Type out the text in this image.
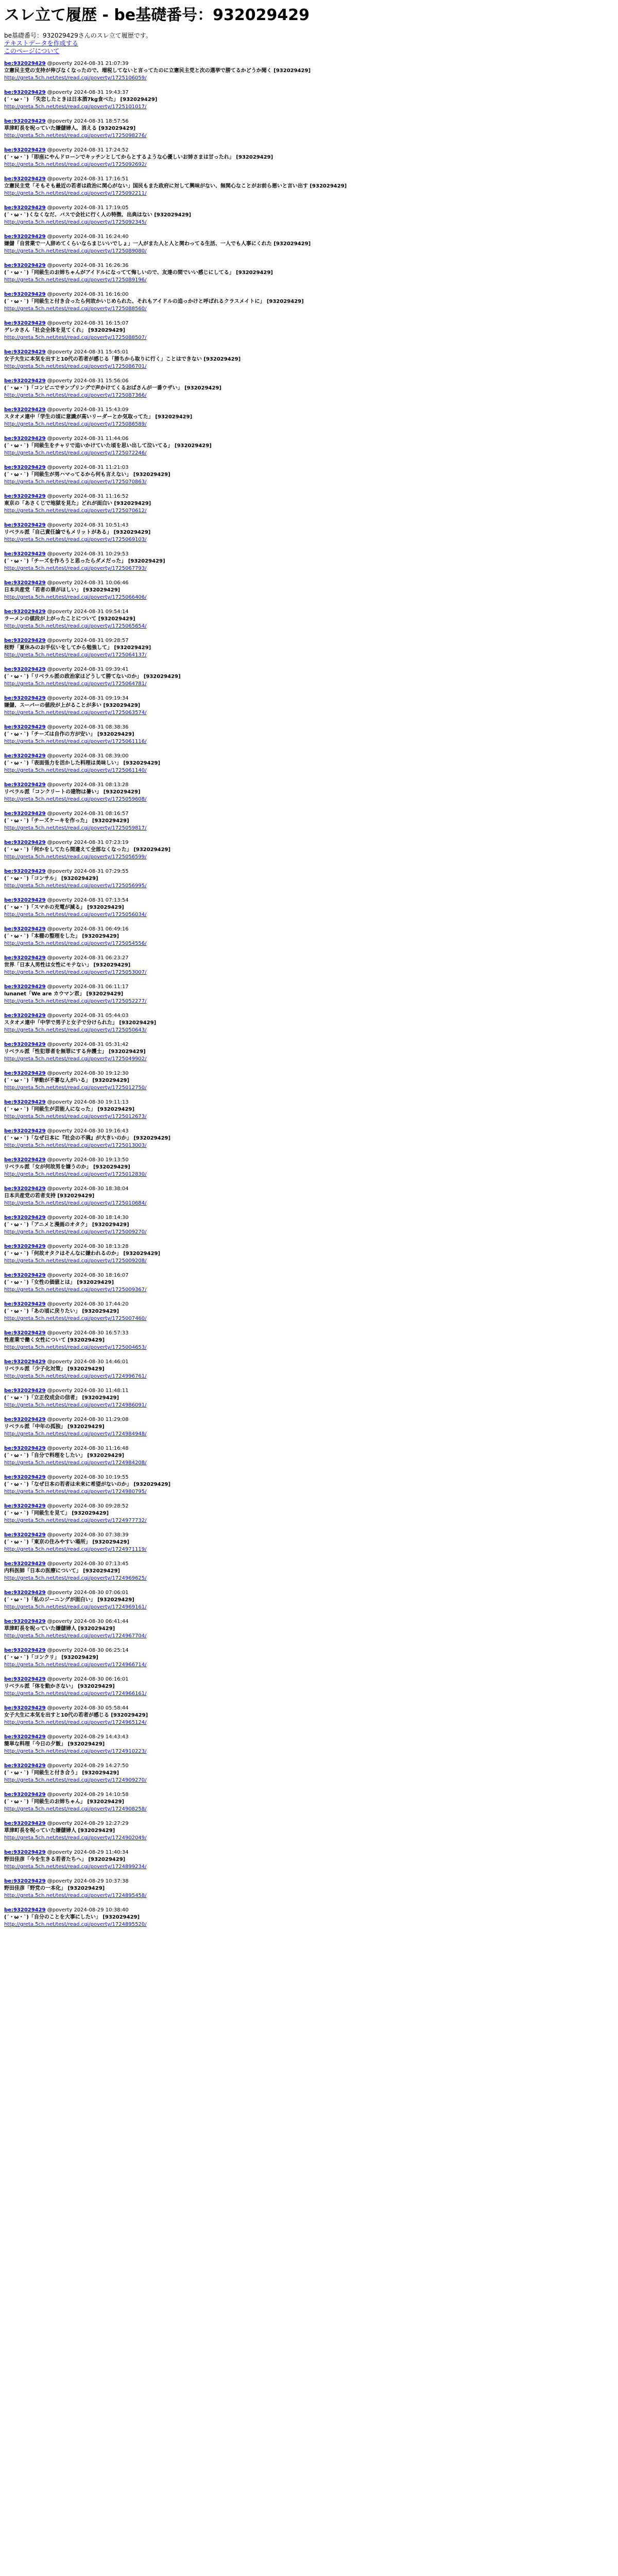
スレ立て履歴 - be基礎番号：932029429
be基礎番号：932029429さんのスレ立て履歴です。
テキストデータを作成する
このページについて
be:932029429 @poverty 2024-08-31 21:07:39
立憲民主党の支持が伸びなくなったので、増税してないと言ってたのに立憲民主党と次の選挙で勝てるかどうか聞く [932029429]
http://greta.5ch.net/test/read.cgi/poverty/1725106059/
be:932029429 @poverty 2024-08-31 19:43:37
(´・ω・`) 「失恋したときは日本酒7kg食べた」 [932029429]
http://greta.5ch.net/test/read.cgi/poverty/1725101017/
be:932029429 @poverty 2024-08-31 18:57:56
草津町長を呪っていた嫌儲婦人、消える [932029429]
http://greta.5ch.net/test/read.cgi/poverty/1725098276/
be:932029429 @poverty 2024-08-31 17:24:52
(´・ω・`)「即座にやんドローンでキッチンとしてからとするような心優しいお姉さまは甘ったれ」 [932029429]
http://greta.5ch.net/test/read.cgi/poverty/1725092692/
be:932029429 @poverty 2024-08-31 17:16:51
立憲民主党「そもそも最近の若者は政治に関心がない」国民もまた政府に対して興味がない、無関心なことがお前ら悪いと言い出す [932029429]
http://greta.5ch.net/test/read.cgi/poverty/1725092211/
be:932029429 @poverty 2024-08-31 17:19:05
(´・ω・`)くなくなだ、バスで会社に行く人の特徴、出典はない [932029429]
http://greta.5ch.net/test/read.cgi/poverty/1725092345/
be:932029429 @poverty 2024-08-31 16:24:40
嫌儲「自営業で一人辞めてくらいならまじいいでしょ」一人がまた人と人と関わってる生活、一人でも人事にくれた [932029429]
http://greta.5ch.net/test/read.cgi/poverty/1725089080/
be:932029429 @poverty 2024-08-31 16:26:36
(´・ω・`)「同級生のお姉ちゃんがアイドルになってて悔しいので、友達の間でいい感じにしてる」 [932029429]
http://greta.5ch.net/test/read.cgi/poverty/1725089196/
be:932029429 @poverty 2024-08-31 16:16:00
(´・ω・`)「同級生と付き合ったら何故かいじめられた、それもアイドルの追っかけと呼ばれるクラスメイトに」 [932029429]
http://greta.5ch.net/test/read.cgi/poverty/1725088560/
be:932029429 @poverty 2024-08-31 16:15:07
ゲレカさん「社会全体を見てくれ」 [932029429]
http://greta.5ch.net/test/read.cgi/poverty/1725088507/
be:932029429 @poverty 2024-08-31 15:45:01
女子大生に本気を出すと10代の若者が感じる「勝ちから取りに行く」ことはできない [932029429]
http://greta.5ch.net/test/read.cgi/poverty/1725086701/
be:932029429 @poverty 2024-08-31 15:56:06
(´・ω・`)「コンビニでサンプリングで声かけてくるおばさんが一番ウザい」 [932029429]
http://greta.5ch.net/test/read.cgi/poverty/1725087366/
be:932029429 @poverty 2024-08-31 15:43:09
スタオメ連中「学生の頃に意識が高いリーダーとか気取ってた」 [932029429]
http://greta.5ch.net/test/read.cgi/poverty/1725086589/
be:932029429 @poverty 2024-08-31 11:44:06
(´・ω・`)「同級生をチャリで追いかけていた頃を思い出して泣いてる」 [932029429]
http://greta.5ch.net/test/read.cgi/poverty/1725072246/
be:932029429 @poverty 2024-08-31 11:21:03
(´・ω・`)「同級生が男ハマってるから何も言えない」 [932029429]
http://greta.5ch.net/test/read.cgi/poverty/1725070863/
be:932029429 @poverty 2024-08-31 11:16:52
東京の「あさくじで地獄を見た」どれが面白い [932029429]
http://greta.5ch.net/test/read.cgi/poverty/1725070612/
be:932029429 @poverty 2024-08-31 10:51:43
リベラル派「自己責任論でもメリットがある」 [932029429]
http://greta.5ch.net/test/read.cgi/poverty/1725069103/
be:932029429 @poverty 2024-08-31 10:29:53
(´・ω・`)「チーズを作ろうと思ったらダメだった」 [932029429]
http://greta.5ch.net/test/read.cgi/poverty/1725067793/
be:932029429 @poverty 2024-08-31 10:06:46
日本共産党「若者の票がほしい」 [932029429]
http://greta.5ch.net/test/read.cgi/poverty/1725066406/
be:932029429 @poverty 2024-08-31 09:54:14
ラーメンの値段が上がったことについて [932029429]
http://greta.5ch.net/test/read.cgi/poverty/1725065654/
be:932029429 @poverty 2024-08-31 09:28:57
桜野「夏休みのお手伝いをしてから勉強して」 [932029429]
http://greta.5ch.net/test/read.cgi/poverty/1725064137/
be:932029429 @poverty 2024-08-31 09:39:41
(´・ω・`)「リベラル派の政治家はどうして勝てないのか」 [932029429]
http://greta.5ch.net/test/read.cgi/poverty/1725064781/
be:932029429 @poverty 2024-08-31 09:19:34
嫌儲、スーパーの値段が上がることが多い [932029429]
http://greta.5ch.net/test/read.cgi/poverty/1725063574/
be:932029429 @poverty 2024-08-31 08:38:36
(´・ω・`)「チーズは自作の方が安い」 [932029429]
http://greta.5ch.net/test/read.cgi/poverty/1725061116/
be:932029429 @poverty 2024-08-31 08:39:00
(´・ω・`)「表面張力を活かした料理は美味しい」 [932029429]
http://greta.5ch.net/test/read.cgi/poverty/1725061140/
be:932029429 @poverty 2024-08-31 08:13:28
リベラル派「コンクリートの建物は暑い」 [932029429]
http://greta.5ch.net/test/read.cgi/poverty/1725059608/
be:932029429 @poverty 2024-08-31 08:16:57
(´・ω・`)「チーズケーキを作った」 [932029429]
http://greta.5ch.net/test/read.cgi/poverty/1725059817/
be:932029429 @poverty 2024-08-31 07:23:19
(´・ω・`)「何かをしてたら間違えて全部なくなった」 [932029429]
http://greta.5ch.net/test/read.cgi/poverty/1725056599/
be:932029429 @poverty 2024-08-31 07:29:55
(´・ω・`)「コンサル」 [932029429]
http://greta.5ch.net/test/read.cgi/poverty/1725056995/
be:932029429 @poverty 2024-08-31 07:13:54
(´・ω・`)「スマホの充電が減る」 [932029429]
http://greta.5ch.net/test/read.cgi/poverty/1725056034/
be:932029429 @poverty 2024-08-31 06:49:16
(´・ω・`)「本棚の整理をした」 [932029429]
http://greta.5ch.net/test/read.cgi/poverty/1725054556/
be:932029429 @poverty 2024-08-31 06:23:27
世界「日本人男性は女性にモテない」 [932029429]
http://greta.5ch.net/test/read.cgi/poverty/1725053007/
be:932029429 @poverty 2024-08-31 06:11:17
lunanet「We are カウマン君」 [932029429]
http://greta.5ch.net/test/read.cgi/poverty/1725052277/
be:932029429 @poverty 2024-08-31 05:44:03
スタオメ連中「中学で男子と女子で分けられた」 [932029429]
http://greta.5ch.net/test/read.cgi/poverty/1725050643/
be:932029429 @poverty 2024-08-31 05:31:42
リベラル派「性犯罪者を無罪にする弁護士」 [932029429]
http://greta.5ch.net/test/read.cgi/poverty/1725049902/
be:932029429 @poverty 2024-08-30 19:12:30
(´・ω・`)「挙動が不審な人がいる」 [932029429]
http://greta.5ch.net/test/read.cgi/poverty/1725012750/
be:932029429 @poverty 2024-08-30 19:11:13
(´・ω・`)「同級生が芸能人になった」 [932029429]
http://greta.5ch.net/test/read.cgi/poverty/1725012673/
be:932029429 @poverty 2024-08-30 19:16:43
(´・ω・`)「なぜ日本に『社会の不満』が大きいのか」 [932029429]
http://greta.5ch.net/test/read.cgi/poverty/1725013003/
be:932029429 @poverty 2024-08-30 19:13:50
リベラル派「女が何故男を嫌うのか」 [932029429]
http://greta.5ch.net/test/read.cgi/poverty/1725012830/
be:932029429 @poverty 2024-08-30 18:38:04
日本共産党の若者支持 [932029429]
http://greta.5ch.net/test/read.cgi/poverty/1725010684/
be:932029429 @poverty 2024-08-30 18:14:30
(´・ω・`)「アニメと漫画のオタク」 [932029429]
http://greta.5ch.net/test/read.cgi/poverty/1725009270/
be:932029429 @poverty 2024-08-30 18:13:28
(´・ω・`)「何故オタクはそんなに嫌われるのか」 [932029429]
http://greta.5ch.net/test/read.cgi/poverty/1725009208/
be:932029429 @poverty 2024-08-30 18:16:07
(´・ω・`)「女性の価値とは」 [932029429]
http://greta.5ch.net/test/read.cgi/poverty/1725009367/
be:932029429 @poverty 2024-08-30 17:44:20
(´・ω・`)「あの頃に戻りたい」 [932029429]
http://greta.5ch.net/test/read.cgi/poverty/1725007460/
be:932029429 @poverty 2024-08-30 16:57:33
性産業で働く女性について [932029429]
http://greta.5ch.net/test/read.cgi/poverty/1725004653/
be:932029429 @poverty 2024-08-30 14:46:01
リベラル派「少子化対策」 [932029429]
http://greta.5ch.net/test/read.cgi/poverty/1724996761/
be:932029429 @poverty 2024-08-30 11:48:11
(´・ω・`)「立正佼成会の信者」 [932029429]
http://greta.5ch.net/test/read.cgi/poverty/1724986091/
be:932029429 @poverty 2024-08-30 11:29:08
リベラル派「中年の孤独」 [932029429]
http://greta.5ch.net/test/read.cgi/poverty/1724984948/
be:932029429 @poverty 2024-08-30 11:16:48
(´・ω・`)「自分で料理をしたい」 [932029429]
http://greta.5ch.net/test/read.cgi/poverty/1724984208/
be:932029429 @poverty 2024-08-30 10:19:55
(´・ω・`)「なぜ日本の若者は未来に希望がないのか」 [932029429]
http://greta.5ch.net/test/read.cgi/poverty/1724980795/
be:932029429 @poverty 2024-08-30 09:28:52
(´・ω・`)「同級生を見て」 [932029429]
http://greta.5ch.net/test/read.cgi/poverty/1724977732/
be:932029429 @poverty 2024-08-30 07:38:39
(´・ω・`)「東京の住みやすい場所」 [932029429]
http://greta.5ch.net/test/read.cgi/poverty/1724971119/
be:932029429 @poverty 2024-08-30 07:13:45
内科医師「日本の医療について」 [932029429]
http://greta.5ch.net/test/read.cgi/poverty/1724969625/
be:932029429 @poverty 2024-08-30 07:06:01
(´・ω・`)「私のジーニングが面白い」 [932029429]
http://greta.5ch.net/test/read.cgi/poverty/1724969161/
be:932029429 @poverty 2024-08-30 06:41:44
草津町長を呪っていた嫌儲婦人 [932029429]
http://greta.5ch.net/test/read.cgi/poverty/1724967704/
be:932029429 @poverty 2024-08-30 06:25:14
(´・ω・`)「コンクリ」 [932029429]
http://greta.5ch.net/test/read.cgi/poverty/1724966714/
be:932029429 @poverty 2024-08-30 06:16:01
リベラル派「体を動かさない」 [932029429]
http://greta.5ch.net/test/read.cgi/poverty/1724966161/
be:932029429 @poverty 2024-08-30 05:58:44
女子大生に本気を出すと10代の若者が感じる [932029429]
http://greta.5ch.net/test/read.cgi/poverty/1724965124/
be:932029429 @poverty 2024-08-29 14:43:43
簡単な料理「今日の夕飯」 [932029429]
http://greta.5ch.net/test/read.cgi/poverty/1724910223/
be:932029429 @poverty 2024-08-29 14:27:50
(´・ω・`)「同級生と付き合う」 [932029429]
http://greta.5ch.net/test/read.cgi/poverty/1724909270/
be:932029429 @poverty 2024-08-29 14:10:58
(´・ω・`)「同級生のお姉ちゃん」 [932029429]
http://greta.5ch.net/test/read.cgi/poverty/1724908258/
be:932029429 @poverty 2024-08-29 12:27:29
草津町長を呪っていた嫌儲婦人 [932029429]
http://greta.5ch.net/test/read.cgi/poverty/1724902049/
be:932029429 @poverty 2024-08-29 11:40:34
野田佳彦「今を生きる若者たちへ」 [932029429]
http://greta.5ch.net/test/read.cgi/poverty/1724899234/
be:932029429 @poverty 2024-08-29 10:37:38
野田佳彦「野党の一本化」 [932029429]
http://greta.5ch.net/test/read.cgi/poverty/1724895458/
be:932029429 @poverty 2024-08-29 10:38:40
(´・ω・`)「自分のことを大事にしたい」 [932029429]
http://greta.5ch.net/test/read.cgi/poverty/1724895520/
